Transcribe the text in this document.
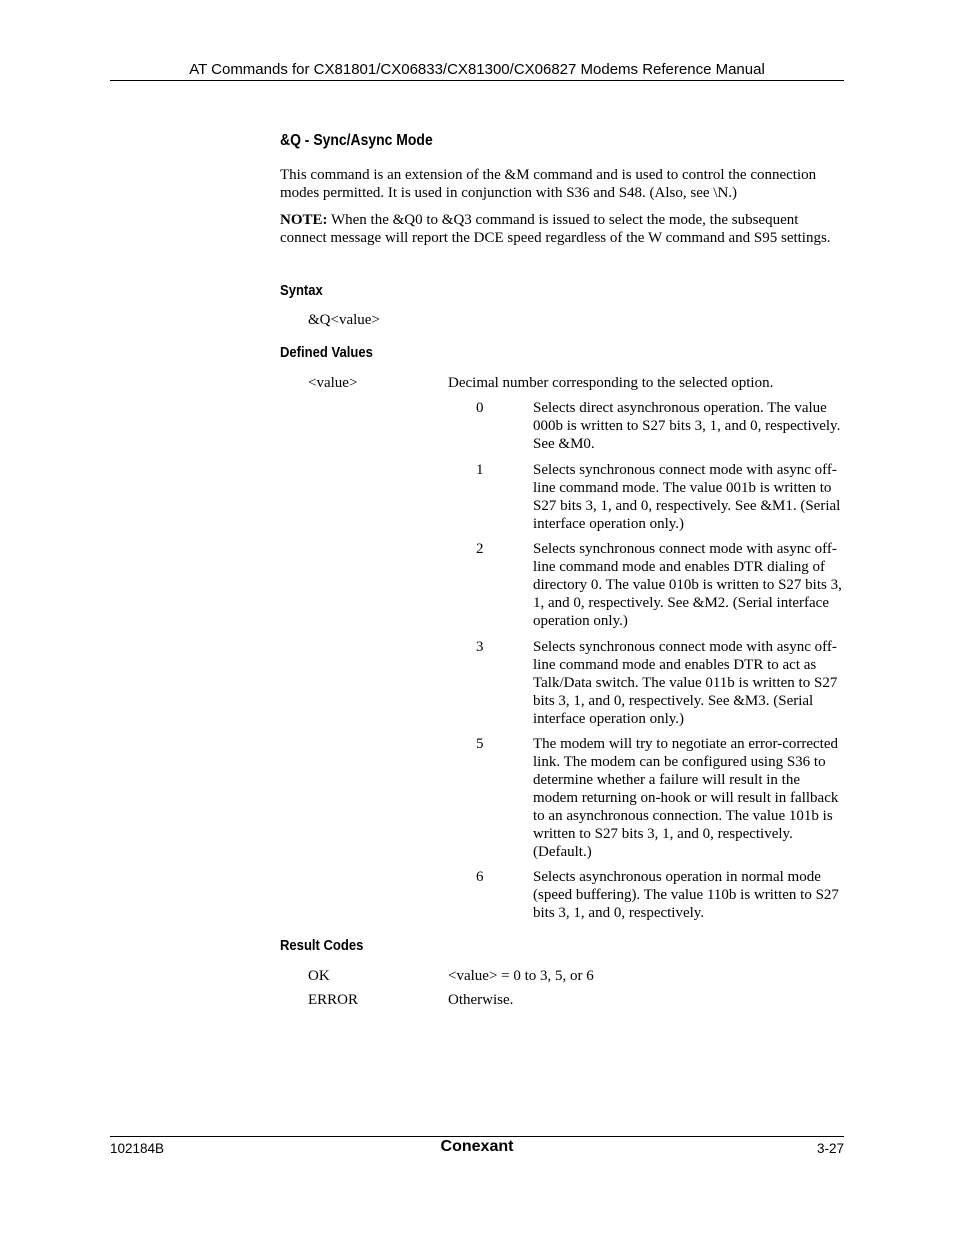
AT Commands for CX81801/CX06833/CX81300/CX06827 Modems Reference Manual
&Q - Sync/Async Mode

This command is an extension of the &M command and is used to control the connection modes permitted. It is used in conjunction with S36 and S48. (Also, see \N.)

NOTE: When the &Q0 to &Q3 command is issued to select the mode, the subsequent connect message will report the DCE speed regardless of the W command and S95 settings.

Syntax
&Q<value>
Defined Values
<value>	Decimal number corresponding to the selected option.
0	Selects direct asynchronous operation. The value 000b is written to S27 bits 3, 1, and 0, respectively. See &M0.
1	Selects synchronous connect mode with async off-line command mode. The value 001b is written to S27 bits 3, 1, and 0, respectively. See &M1. (Serial interface operation only.)
2	Selects synchronous connect mode with async off-line command mode and enables DTR dialing of directory 0. The value 010b is written to S27 bits 3, 1, and 0, respectively. See &M2. (Serial interface operation only.)
3	Selects synchronous connect mode with async off-line command mode and enables DTR to act as Talk/Data switch. The value 011b is written to S27 bits 3, 1, and 0, respectively. See &M3. (Serial interface operation only.)
5	The modem will try to negotiate an error-corrected link. The modem can be configured using S36 to determine whether a failure will result in the modem returning on-hook or will result in fallback to an asynchronous connection. The value 101b is written to S27 bits 3, 1, and 0, respectively. (Default.)
6	Selects asynchronous operation in normal mode (speed buffering). The value 110b is written to S27 bits 3, 1, and 0, respectively.
Result Codes
OK	<value> = 0 to 3, 5, or 6
ERROR	Otherwise.
102184B	Conexant	3-27
